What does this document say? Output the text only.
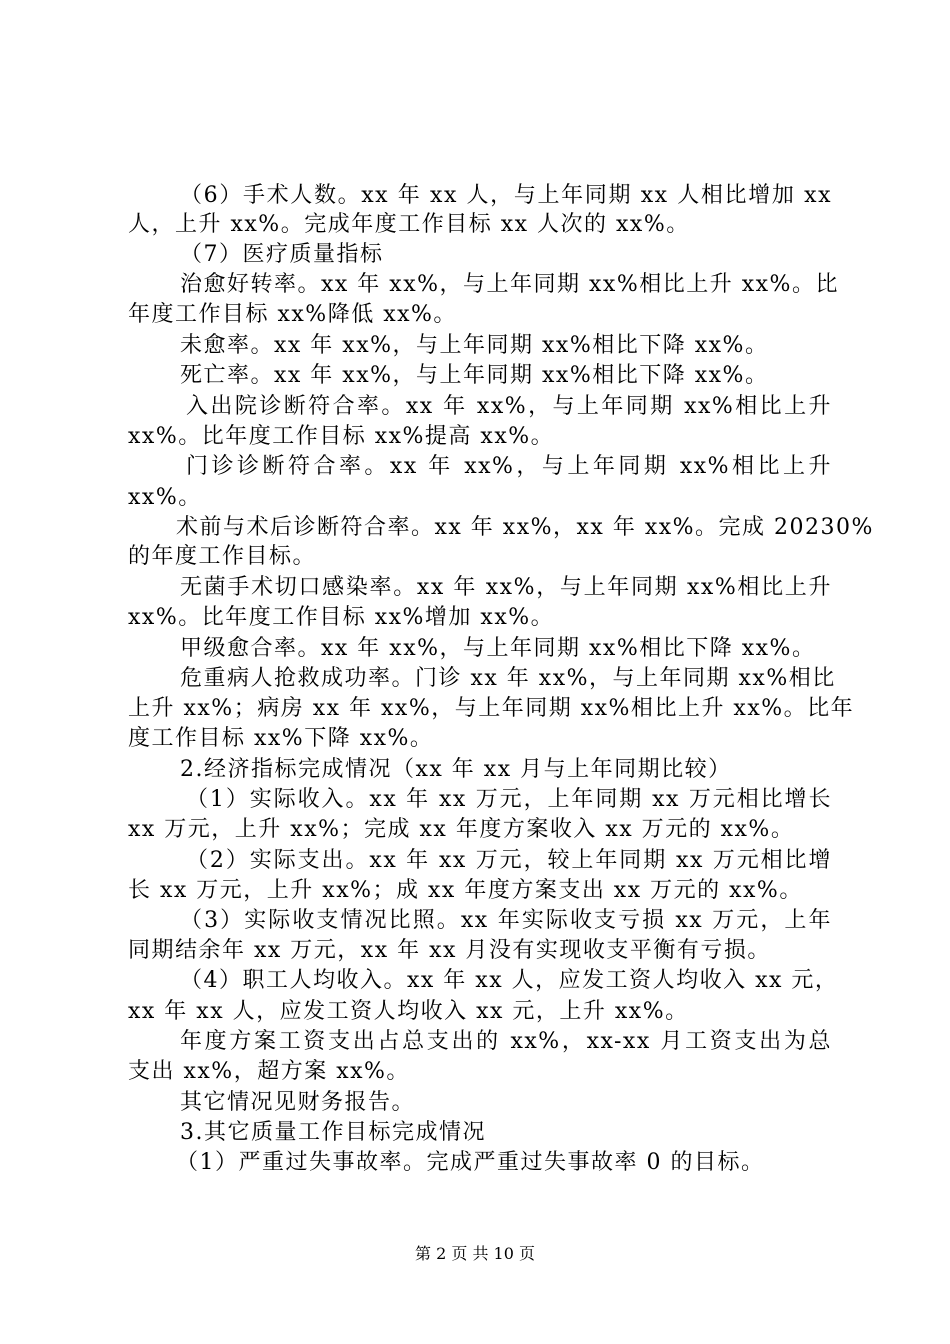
（6）手术人数。xx 年 xx 人，与上年同期 xx 人相比增加 xx
人，上升 xx%。完成年度工作目标 xx 人次的 xx%。
（7）医疗质量指标
治愈好转率。xx 年 xx%，与上年同期 xx%相比上升 xx%。比
年度工作目标 xx%降低 xx%。
未愈率。xx 年 xx%，与上年同期 xx%相比下降 xx%。
死亡率。xx 年 xx%，与上年同期 xx%相比下降 xx%。
入出院诊断符合率。xx 年 xx%，与上年同期 xx%相比上升
xx%。比年度工作目标 xx%提高 xx%。
门诊诊断符合率。xx 年 xx%，与上年同期 xx%相比上升
xx%。
术前与术后诊断符合率。xx 年 xx%，xx 年 xx%。完成 20230%
的年度工作目标。
无菌手术切口感染率。xx 年 xx%，与上年同期 xx%相比上升
xx%。比年度工作目标 xx%增加 xx%。
甲级愈合率。xx 年 xx%，与上年同期 xx%相比下降 xx%。
危重病人抢救成功率。门诊 xx 年 xx%，与上年同期 xx%相比
上升 xx%；病房 xx 年 xx%，与上年同期 xx%相比上升 xx%。比年
度工作目标 xx%下降 xx%。
2.经济指标完成情况（xx 年 xx 月与上年同期比较）
（1）实际收入。xx 年 xx 万元，上年同期 xx 万元相比增长
xx 万元，上升 xx%；完成 xx 年度方案收入 xx 万元的 xx%。
（2）实际支出。xx 年 xx 万元，较上年同期 xx 万元相比增
长 xx 万元，上升 xx%；成 xx 年度方案支出 xx 万元的 xx%。
（3）实际收支情况比照。xx 年实际收支亏损 xx 万元，上年
同期结余年 xx 万元，xx 年 xx 月没有实现收支平衡有亏损。
（4）职工人均收入。xx 年 xx 人，应发工资人均收入 xx 元，
xx 年 xx 人，应发工资人均收入 xx 元，上升 xx%。
年度方案工资支出占总支出的 xx%，xx-xx 月工资支出为总
支出 xx%，超方案 xx%。
其它情况见财务报告。
3.其它质量工作目标完成情况
（1）严重过失事故率。完成严重过失事故率 0 的目标。
第 2 页 共 10 页
